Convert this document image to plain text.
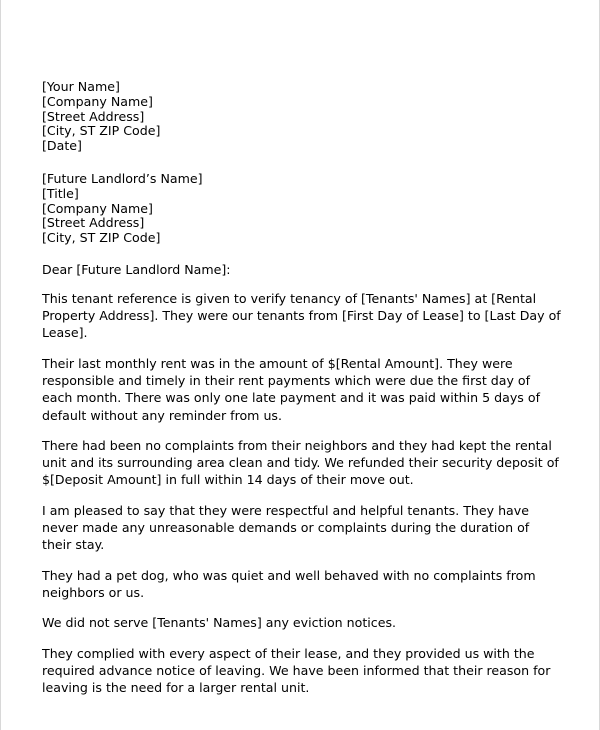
[Your Name]
[Company Name]
[Street Address]
[City, ST ZIP Code]
[Date]
[Future Landlord’s Name]
[Title]
[Company Name]
[Street Address]
[City, ST ZIP Code]
Dear [Future Landlord Name]:

This tenant reference is given to verify tenancy of [Tenants' Names] at [Rental Property Address]. They were our tenants from [First Day of Lease] to [Last Day of Lease].

Their last monthly rent was in the amount of $[Rental Amount]. They were responsible and timely in their rent payments which were due the first day of each month. There was only one late payment and it was paid within 5 days of default without any reminder from us.

There had been no complaints from their neighbors and they had kept the rental unit and its surrounding area clean and tidy. We refunded their security deposit of $[Deposit Amount] in full within 14 days of their move out.

I am pleased to say that they were respectful and helpful tenants. They have never made any unreasonable demands or complaints during the duration of their stay.

They had a pet dog, who was quiet and well behaved with no complaints from neighbors or us.

We did not serve [Tenants' Names] any eviction notices.

They complied with every aspect of their lease, and they provided us with the required advance notice of leaving. We have been informed that their reason for leaving is the need for a larger rental unit.
